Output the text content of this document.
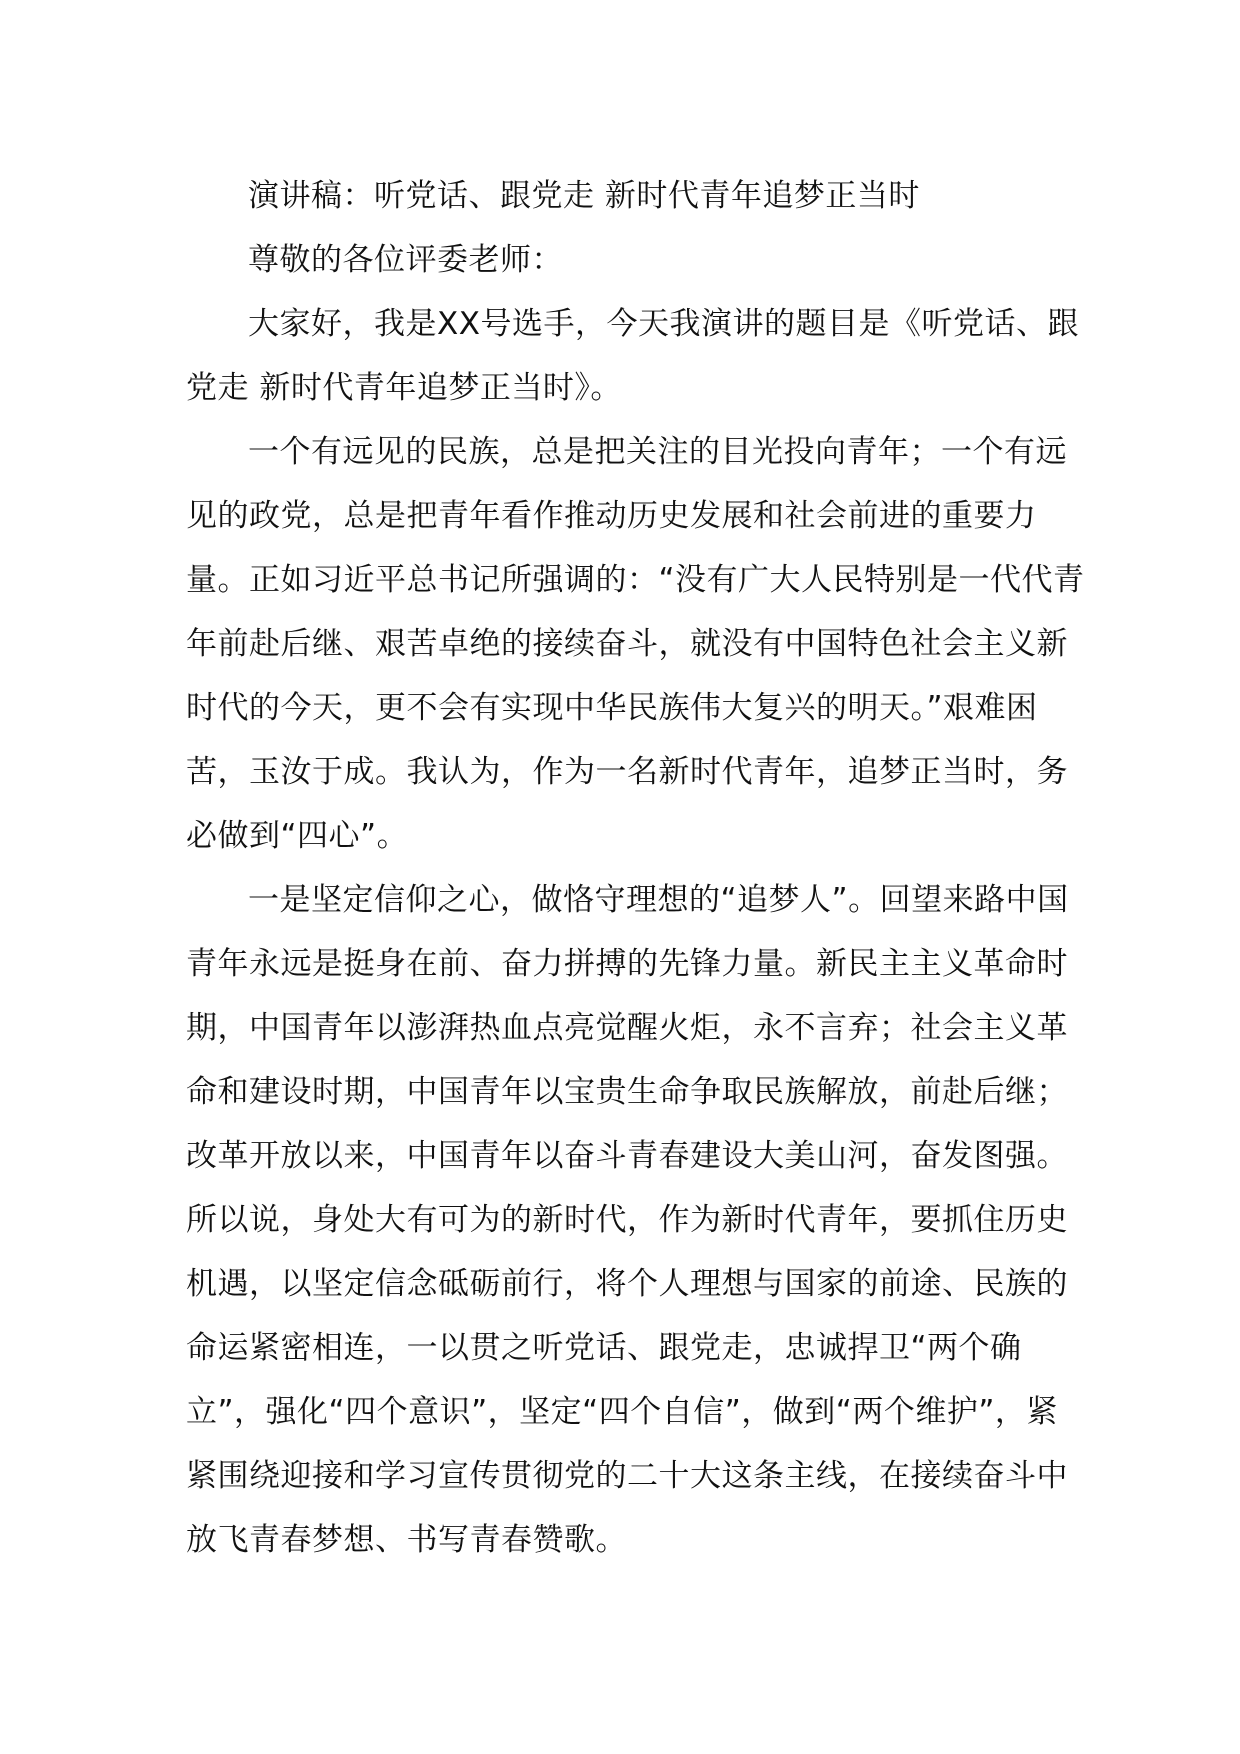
演讲稿：听党话、跟党走 新时代青年追梦正当时

尊敬的各位评委老师：

大家好，我是XX号选手，今天我演讲的题目是《听党话、跟党走 新时代青年追梦正当时》。

一个有远见的民族，总是把关注的目光投向青年；一个有远见的政党，总是把青年看作推动历史发展和社会前进的重要力量。正如习近平总书记所强调的：“没有广大人民特别是一代代青年前赴后继、艰苦卓绝的接续奋斗，就没有中国特色社会主义新时代的今天，更不会有实现中华民族伟大复兴的明天。”艰难困苦，玉汝于成。我认为，作为一名新时代青年，追梦正当时，务必做到“四心”。

一是坚定信仰之心，做恪守理想的“追梦人”。回望来路中国青年永远是挺身在前、奋力拼搏的先锋力量。新民主主义革命时期，中国青年以澎湃热血点亮觉醒火炬，永不言弃；社会主义革命和建设时期，中国青年以宝贵生命争取民族解放，前赴后继；改革开放以来，中国青年以奋斗青春建设大美山河，奋发图强。所以说，身处大有可为的新时代，作为新时代青年，要抓住历史机遇，以坚定信念砥砺前行，将个人理想与国家的前途、民族的命运紧密相连，一以贯之听党话、跟党走，忠诚捍卫“两个确立”，强化“四个意识”，坚定“四个自信”，做到“两个维护”，紧紧围绕迎接和学习宣传贯彻党的二十大这条主线，在接续奋斗中放飞青春梦想、书写青春赞歌。
